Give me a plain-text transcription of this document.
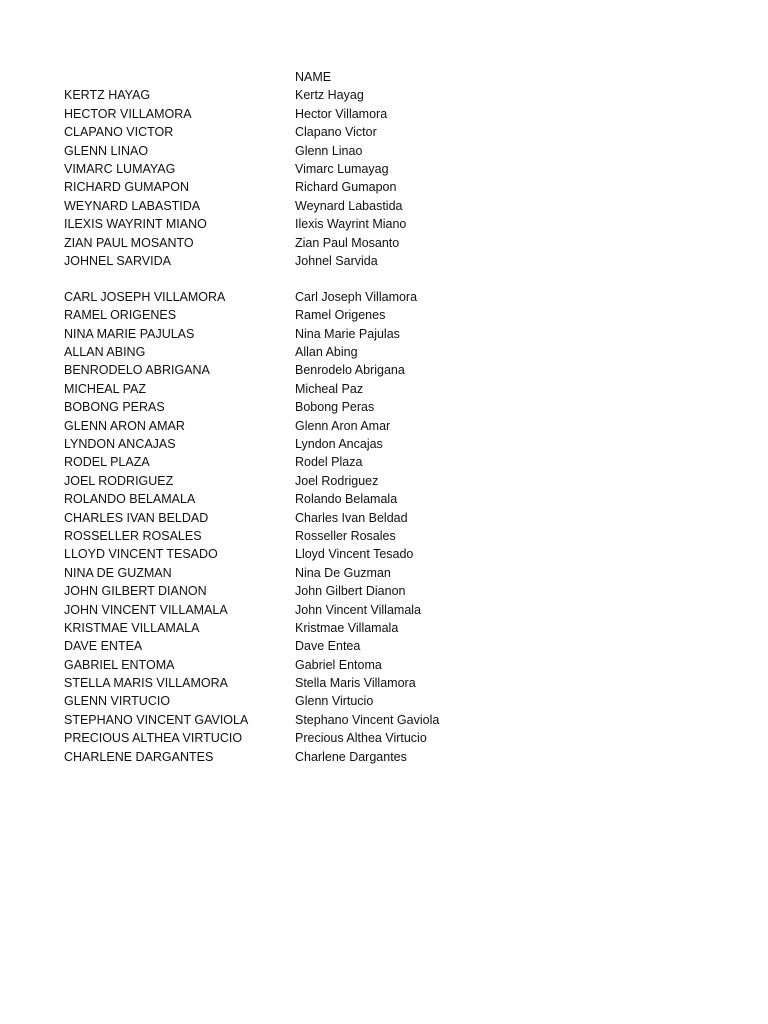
KERTZ HAYAG
HECTOR VILLAMORA
CLAPANO VICTOR
GLENN LINAO
VIMARC LUMAYAG
RICHARD GUMAPON
WEYNARD LABASTIDA
ILEXIS WAYRINT MIANO
ZIAN PAUL MOSANTO
JOHNEL SARVIDA
CARL JOSEPH VILLAMORA
RAMEL ORIGENES
NINA MARIE PAJULAS
ALLAN ABING
BENRODELO ABRIGANA
MICHEAL PAZ
BOBONG PERAS
GLENN ARON AMAR
LYNDON ANCAJAS
RODEL PLAZA
JOEL RODRIGUEZ
ROLANDO BELAMALA
CHARLES IVAN BELDAD
ROSSELLER ROSALES
LLOYD VINCENT TESADO
NINA DE GUZMAN
JOHN GILBERT DIANON
JOHN VINCENT VILLAMALA
KRISTMAE VILLAMALA
DAVE ENTEA
GABRIEL ENTOMA
STELLA MARIS VILLAMORA
GLENN VIRTUCIO
STEPHANO VINCENT GAVIOLA
PRECIOUS ALTHEA VIRTUCIO
CHARLENE DARGANTES
NAME
Kertz Hayag
Hector Villamora
Clapano Victor
Glenn Linao
Vimarc Lumayag
Richard Gumapon
Weynard Labastida
Ilexis Wayrint Miano
Zian Paul Mosanto
Johnel Sarvida
Carl Joseph Villamora
Ramel Origenes
Nina Marie Pajulas
Allan Abing
Benrodelo Abrigana
Micheal Paz
Bobong Peras
Glenn Aron Amar
Lyndon Ancajas
Rodel Plaza
Joel Rodriguez
Rolando Belamala
Charles Ivan Beldad
Rosseller Rosales
Lloyd Vincent Tesado
Nina De Guzman
John Gilbert Dianon
John Vincent Villamala
Kristmae Villamala
Dave Entea
Gabriel Entoma
Stella Maris Villamora
Glenn Virtucio
Stephano Vincent Gaviola
Precious Althea Virtucio
Charlene Dargantes
